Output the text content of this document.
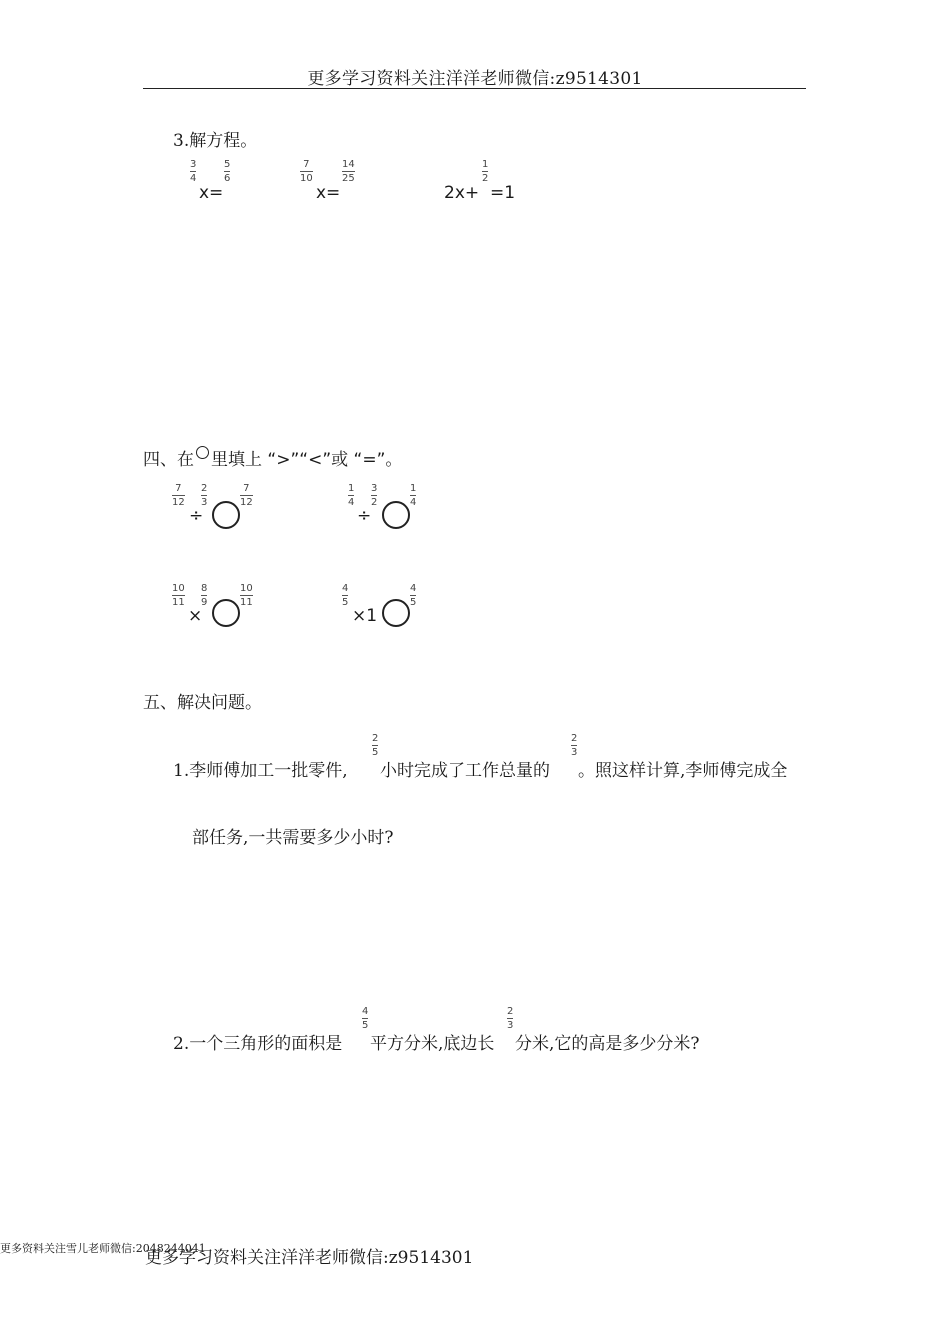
更多学习资料关注洋洋老师微信:z9514301
3.解方程。
3
4
x=
5
6
7
10
x=
14
25
2x+
1
2
=1
四、在 里填上 “>”“<”或 “=”。
7
12
÷
2
3
7
12
1
4
÷
3
2
1
4
10
11
×
8
9
10
11
4
5
×1
4
5
五、解决问题。
1.李师傅加工一批零件,
2
5
小时完成了工作总量的
2
3
。照这样计算,李师傅完成全
部任务,一共需要多少小时?
2.一个三角形的面积是
4
5
平方分米,底边长
2
3
分米,它的高是多少分米?
更多资料关注雪儿老师微信:2048244041
更多学习资料关注洋洋老师微信:z9514301
